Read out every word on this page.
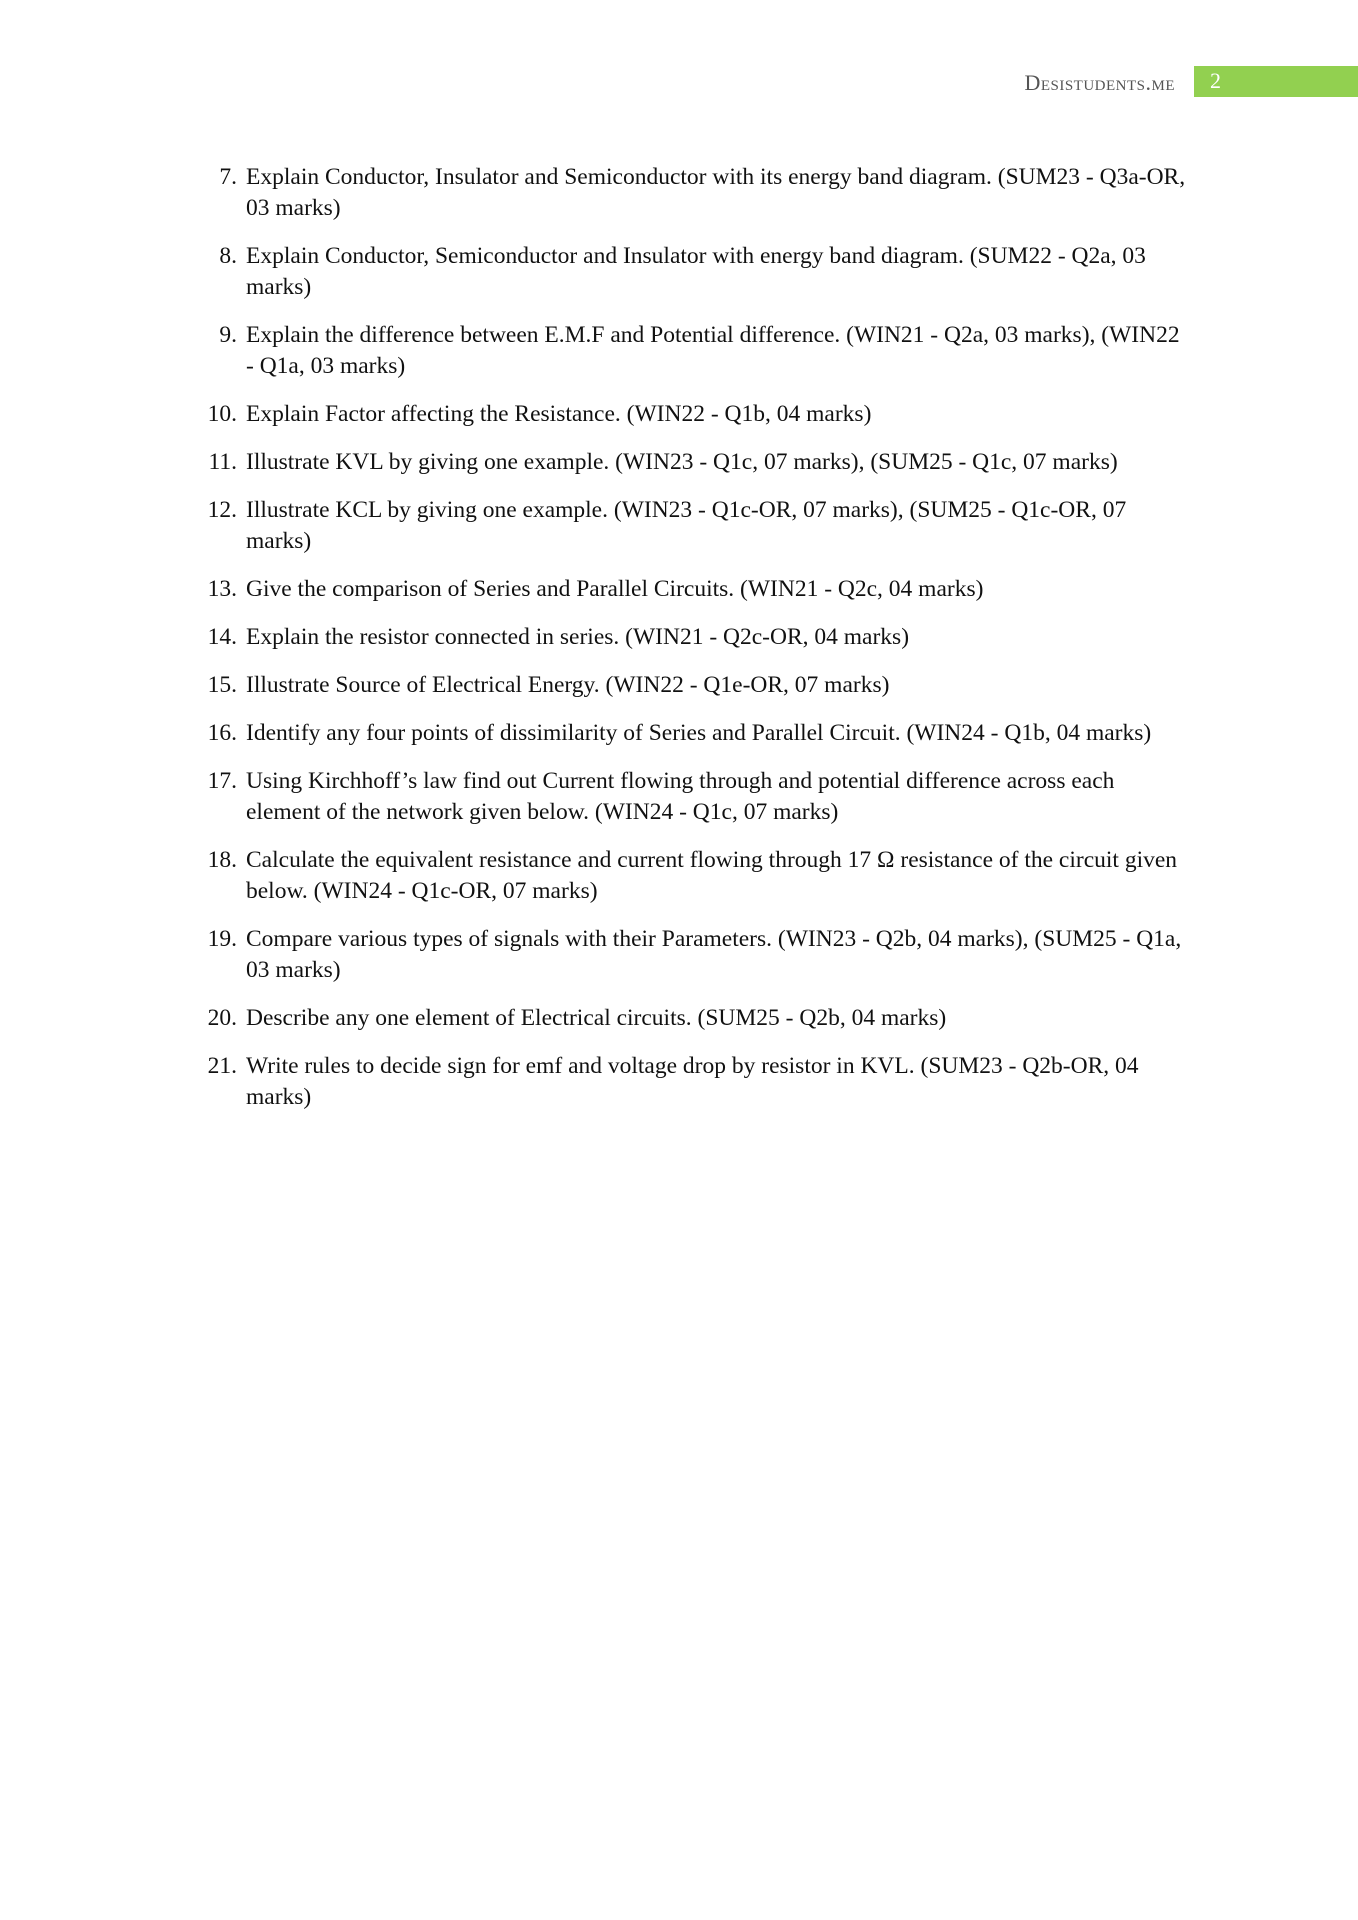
Desistudents.me 2
7. Explain Conductor, Insulator and Semiconductor with its energy band diagram. (SUM23 - Q3a-OR, 03 marks)
8. Explain Conductor, Semiconductor and Insulator with energy band diagram. (SUM22 - Q2a, 03 marks)
9. Explain the difference between E.M.F and Potential difference. (WIN21 - Q2a, 03 marks), (WIN22 - Q1a, 03 marks)
10. Explain Factor affecting the Resistance. (WIN22 - Q1b, 04 marks)
11. Illustrate KVL by giving one example. (WIN23 - Q1c, 07 marks), (SUM25 - Q1c, 07 marks)
12. Illustrate KCL by giving one example. (WIN23 - Q1c-OR, 07 marks), (SUM25 - Q1c-OR, 07 marks)
13. Give the comparison of Series and Parallel Circuits. (WIN21 - Q2c, 04 marks)
14. Explain the resistor connected in series. (WIN21 - Q2c-OR, 04 marks)
15. Illustrate Source of Electrical Energy. (WIN22 - Q1e-OR, 07 marks)
16. Identify any four points of dissimilarity of Series and Parallel Circuit. (WIN24 - Q1b, 04 marks)
17. Using Kirchhoff’s law find out Current flowing through and potential difference across each element of the network given below. (WIN24 - Q1c, 07 marks)
18. Calculate the equivalent resistance and current flowing through 17 Ω resistance of the circuit given below. (WIN24 - Q1c-OR, 07 marks)
19. Compare various types of signals with their Parameters. (WIN23 - Q2b, 04 marks), (SUM25 - Q1a, 03 marks)
20. Describe any one element of Electrical circuits. (SUM25 - Q2b, 04 marks)
21. Write rules to decide sign for emf and voltage drop by resistor in KVL. (SUM23 - Q2b-OR, 04 marks)
